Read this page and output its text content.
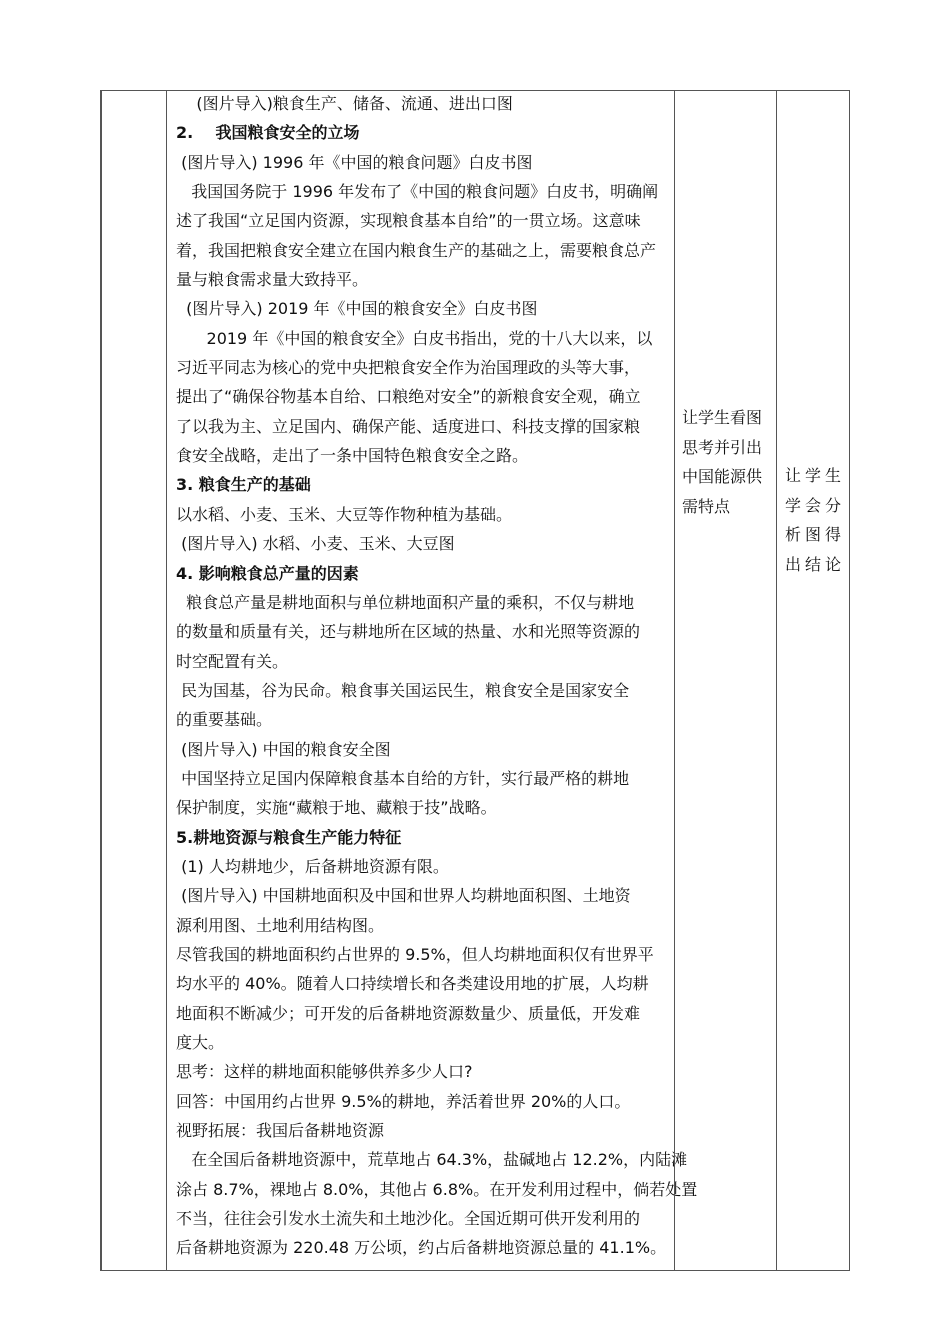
(图片导入)粮食生产、储备、流通、进出口图
2.    我国粮食安全的立场
(图片导入) 1996 年《中国的粮食问题》白皮书图
我国国务院于 1996 年发布了《中国的粮食问题》白皮书，明确阐
述了我国“立足国内资源，实现粮食基本自给”的一贯立场。这意味
着，我国把粮食安全建立在国内粮食生产的基础之上，需要粮食总产
量与粮食需求量大致持平。
(图片导入) 2019 年《中国的粮食安全》白皮书图
2019 年《中国的粮食安全》白皮书指出，党的十八大以来，以
习近平同志为核心的党中央把粮食安全作为治国理政的头等大事，
提出了“确保谷物基本自给、口粮绝对安全”的新粮食安全观，确立
了以我为主、立足国内、确保产能、适度进口、科技支撑的国家粮
食安全战略，走出了一条中国特色粮食安全之路。
3. 粮食生产的基础
以水稻、小麦、玉米、大豆等作物种植为基础。
(图片导入) 水稻、小麦、玉米、大豆图
4. 影响粮食总产量的因素
粮食总产量是耕地面积与单位耕地面积产量的乘积，不仅与耕地
的数量和质量有关，还与耕地所在区域的热量、水和光照等资源的
时空配置有关。
民为国基，谷为民命。粮食事关国运民生，粮食安全是国家安全
的重要基础。
(图片导入) 中国的粮食安全图
中国坚持立足国内保障粮食基本自给的方针，实行最严格的耕地
保护制度，实施“藏粮于地、藏粮于技”战略。
5.耕地资源与粮食生产能力特征
(1) 人均耕地少，后备耕地资源有限。
(图片导入) 中国耕地面积及中国和世界人均耕地面积图、土地资
源利用图、土地利用结构图。
尽管我国的耕地面积约占世界的 9.5%，但人均耕地面积仅有世界平
均水平的 40%。随着人口持续增长和各类建设用地的扩展，人均耕
地面积不断减少；可开发的后备耕地资源数量少、质量低，开发难
度大。
思考：这样的耕地面积能够供养多少人口?
回答：中国用约占世界 9.5%的耕地，养活着世界 20%的人口。
视野拓展：我国后备耕地资源
在全国后备耕地资源中，荒草地占 64.3%，盐碱地占 12.2%，内陆滩
涂占 8.7%，裸地占 8.0%，其他占 6.8%。在开发利用过程中，倘若处置
不当，往往会引发水土流失和土地沙化。全国近期可供开发利用的
后备耕地资源为 220.48 万公顷，约占后备耕地资源总量的 41.1%。
让学生看图
思考并引出
中国能源供
需特点
让学生
学会分
析图得
出结论
